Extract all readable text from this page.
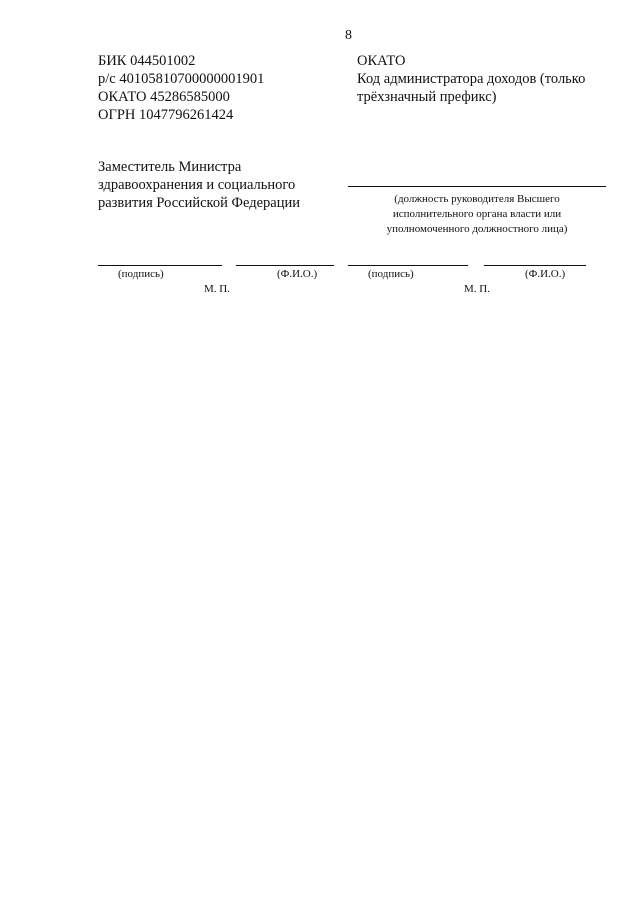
8
БИК 044501002
р/с 40105810700000001901
ОКАТО 45286585000
ОГРН 1047796261424
ОКАТО
Код администратора доходов (только
трёхзначный префикс)
Заместитель Министра
здравоохранения и социального
развития Российской Федерации	(должность руководителя Высшего
исполнительного органа власти или
уполномоченного должностного лица)
(подпись)	(Ф.И.О.)
М. П.
(подпись)	(Ф.И.О.)
М. П.
